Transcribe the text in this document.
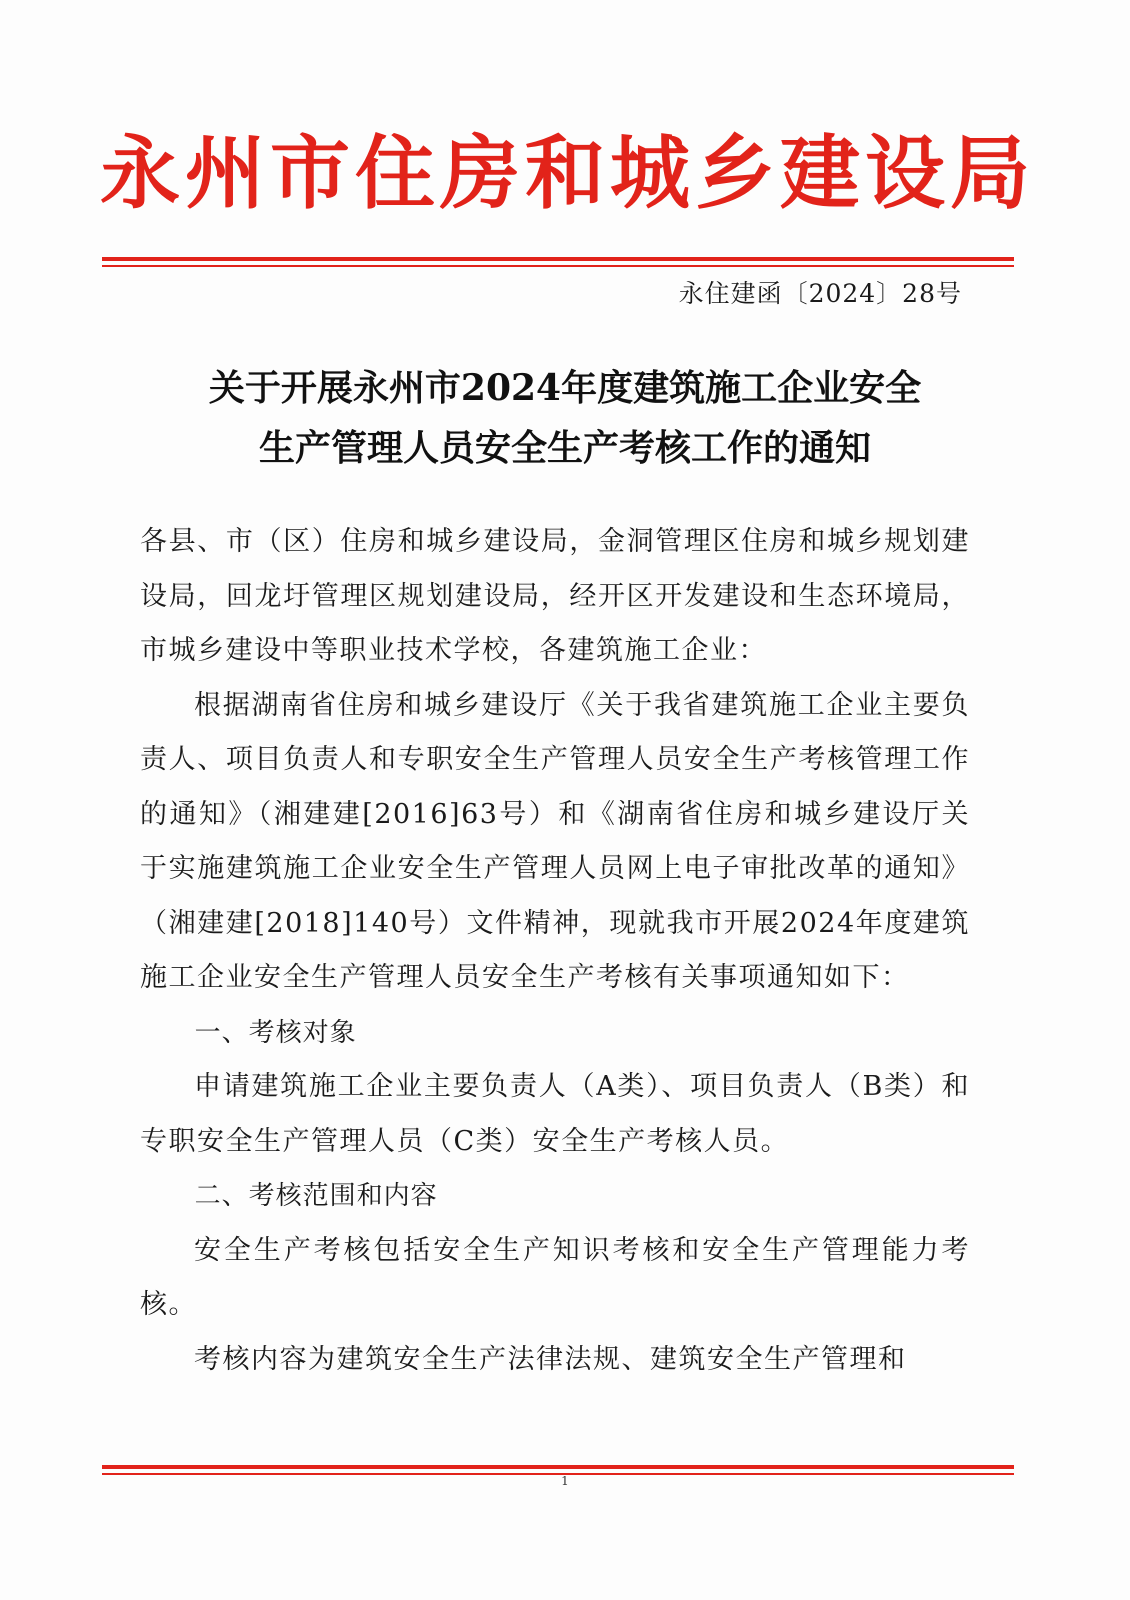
永州市住房和城乡建设局
永住建函〔2024〕28号
关于开展永州市2024年度建筑施工企业安全
生产管理人员安全生产考核工作的通知

各县、市（区）住房和城乡建设局，金洞管理区住房和城乡规划建设局，回龙圩管理区规划建设局，经开区开发建设和生态环境局，市城乡建设中等职业技术学校，各建筑施工企业：

根据湖南省住房和城乡建设厅《关于我省建筑施工企业主要负责人、项目负责人和专职安全生产管理人员安全生产考核管理工作的通知》（湘建建[2016]63号）和《湖南省住房和城乡建设厅关于实施建筑施工企业安全生产管理人员网上电子审批改革的通知》（湘建建[2018]140号）文件精神，现就我市开展2024年度建筑施工企业安全生产管理人员安全生产考核有关事项通知如下：

一、考核对象

申请建筑施工企业主要负责人（A类）、项目负责人（B类）和专职安全生产管理人员（C类）安全生产考核人员。

二、考核范围和内容

安全生产考核包括安全生产知识考核和安全生产管理能力考核。

考核内容为建筑安全生产法律法规、建筑安全生产管理和

1
